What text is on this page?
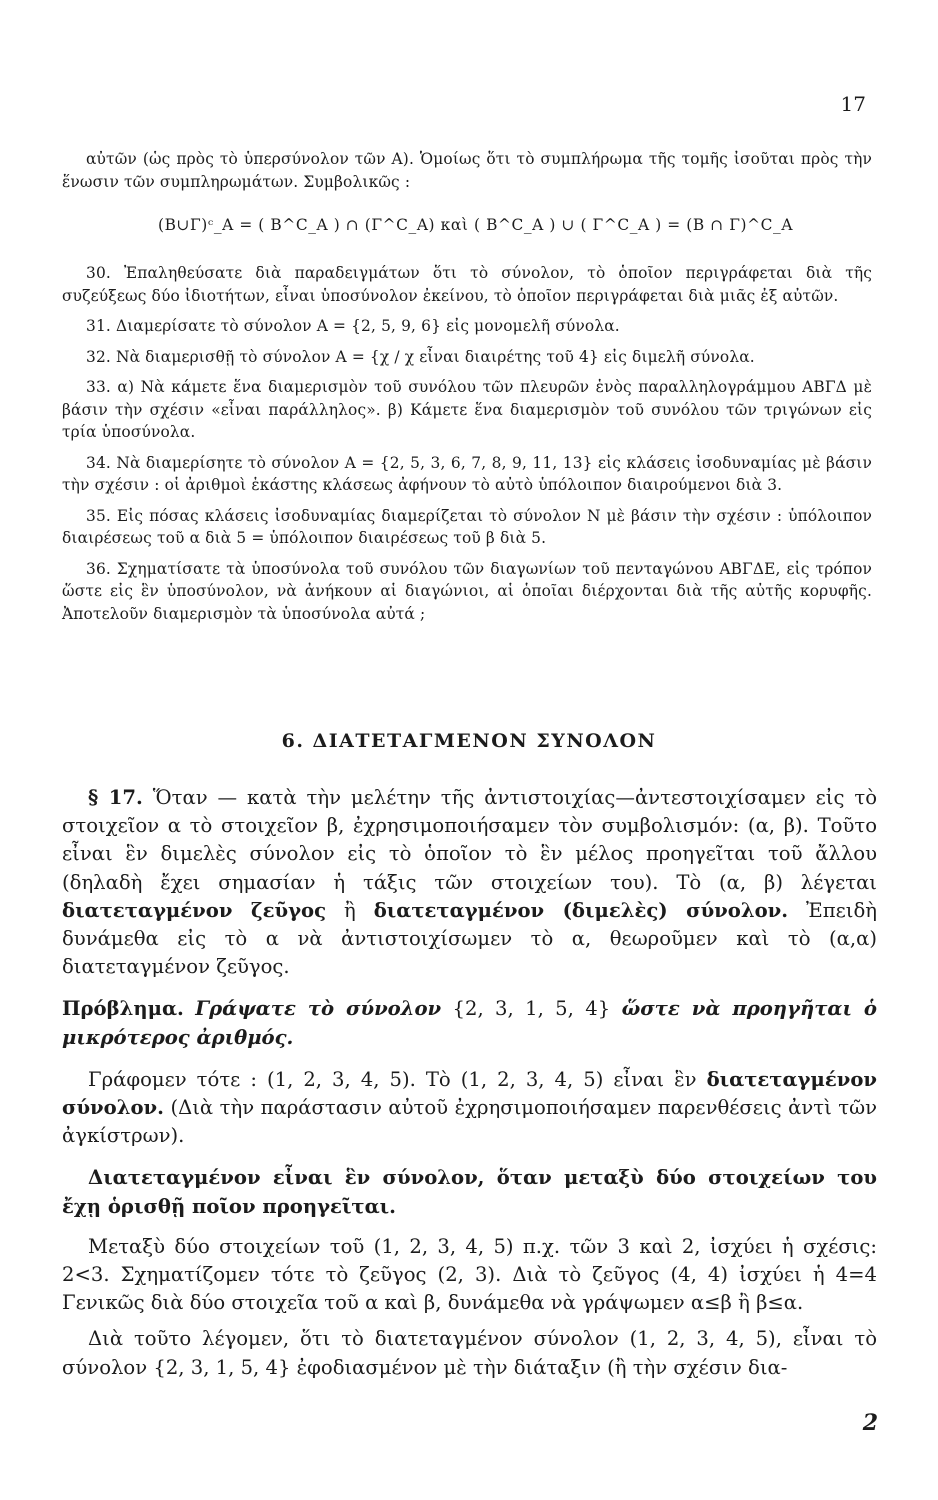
17

αὐτῶν (ὡς πρὸς τὸ ὑπερσύνολον τῶν Α). Ὁμοίως ὅτι τὸ συμπλήρωμα τῆς τομῆς ἰσοῦται πρὸς τὴν ἕνωσιν τῶν συμπληρωμάτων. Συμβολικῶς :

(Β∪Γ)ᶜ_A = ( Β^C_A ) ∩ (Γ^C_A) καὶ ( Β^C_A ) ∪ ( Γ^C_A ) = (Β ∩ Γ)^C_A

30. Ἐπαληθεύσατε διὰ παραδειγμάτων ὅτι τὸ σύνολον, τὸ ὁποῖον περιγράφεται διὰ τῆς συζεύξεως δύο ἰδιοτήτων, εἶναι ὑποσύνολον ἐκείνου, τὸ ὁποῖον περιγράφεται διὰ μιᾶς ἐξ αὐτῶν.

31. Διαμερίσατε τὸ σύνολον Α = {2, 5, 9, 6} εἰς μονομελῆ σύνολα.

32. Νὰ διαμερισθῇ τὸ σύνολον Α = {χ / χ εἶναι διαιρέτης τοῦ 4} εἰς διμελῆ σύνολα.

33. α) Νὰ κάμετε ἕνα διαμερισμὸν τοῦ συνόλου τῶν πλευρῶν ἑνὸς παραλληλογράμμου ΑΒΓΔ μὲ βάσιν τὴν σχέσιν «εἶναι παράλληλος». β) Κάμετε ἕνα διαμερισμὸν τοῦ συνόλου τῶν τριγώνων εἰς τρία ὑποσύνολα.

34. Νὰ διαμερίσητε τὸ σύνολον Α = {2, 5, 3, 6, 7, 8, 9, 11, 13} εἰς κλάσεις ἰσοδυναμίας μὲ βάσιν τὴν σχέσιν : οἱ ἀριθμοὶ ἑκάστης κλάσεως ἀφήνουν τὸ αὐτὸ ὑπόλοιπον διαιρούμενοι διὰ 3.

35. Εἰς πόσας κλάσεις ἰσοδυναμίας διαμερίζεται τὸ σύνολον Ν μὲ βάσιν τὴν σχέσιν : ὑπόλοιπον διαιρέσεως τοῦ α διὰ 5 = ὑπόλοιπον διαιρέσεως τοῦ β διὰ 5.

36. Σχηματίσατε τὰ ὑποσύνολα τοῦ συνόλου τῶν διαγωνίων τοῦ πενταγώνου ΑΒΓΔΕ, εἰς τρόπον ὥστε εἰς ἓν ὑποσύνολον, νὰ ἀνήκουν αἱ διαγώνιοι, αἱ ὁποῖαι διέρχονται διὰ τῆς αὐτῆς κορυφῆς. Ἀποτελοῦν διαμερισμὸν τὰ ὑποσύνολα αὐτά ;

6. ΔΙΑΤΕΤΑΓΜΕΝΟΝ ΣΥΝΟΛΟΝ

§ 17. Ὅταν — κατὰ τὴν μελέτην τῆς ἀντιστοιχίας—ἀντεστοιχίσαμεν εἰς τὸ στοιχεῖον α τὸ στοιχεῖον β, ἐχρησιμοποιήσαμεν τὸν συμβολισμόν: (α, β). Τοῦτο εἶναι ἓν διμελὲς σύνολον εἰς τὸ ὁποῖον τὸ ἓν μέλος προηγεῖται τοῦ ἄλλου (δηλαδὴ ἔχει σημασίαν ἡ τάξις τῶν στοιχείων του). Τὸ (α, β) λέγεται διατεταγμένον ζεῦγος ἢ διατεταγμένον (διμελὲς) σύνολον. Ἐπειδὴ δυνάμεθα εἰς τὸ α νὰ ἀντιστοιχίσωμεν τὸ α, θεωροῦμεν καὶ τὸ (α,α) διατεταγμένον ζεῦγος.

Πρόβλημα. Γράψατε τὸ σύνολον {2, 3, 1, 5, 4} ὥστε νὰ προηγῆται ὁ μικρότερος ἀριθμός.

Γράφομεν τότε : (1, 2, 3, 4, 5). Τὸ (1, 2, 3, 4, 5) εἶναι ἓν διατεταγμένον σύνολον. (Διὰ τὴν παράστασιν αὐτοῦ ἐχρησιμοποιήσαμεν παρενθέσεις ἀντὶ τῶν ἀγκίστρων).

Διατεταγμένον εἶναι ἓν σύνολον, ὅταν μεταξὺ δύο στοιχείων του ἔχῃ ὁρισθῇ ποῖον προηγεῖται.

Μεταξὺ δύο στοιχείων τοῦ (1, 2, 3, 4, 5) π.χ. τῶν 3 καὶ 2, ἰσχύει ἡ σχέσις: 2<3. Σχηματίζομεν τότε τὸ ζεῦγος (2, 3). Διὰ τὸ ζεῦγος (4, 4) ἰσχύει ἡ 4=4 Γενικῶς διὰ δύο στοιχεῖα τοῦ α καὶ β, δυνάμεθα νὰ γράψωμεν α≤β ἢ β≤α.

Διὰ τοῦτο λέγομεν, ὅτι τὸ διατεταγμένον σύνολον (1, 2, 3, 4, 5), εἶναι τὸ σύνολον {2, 3, 1, 5, 4} ἐφοδιασμένον μὲ τὴν διάταξιν (ἢ τὴν σχέσιν δια-

2
